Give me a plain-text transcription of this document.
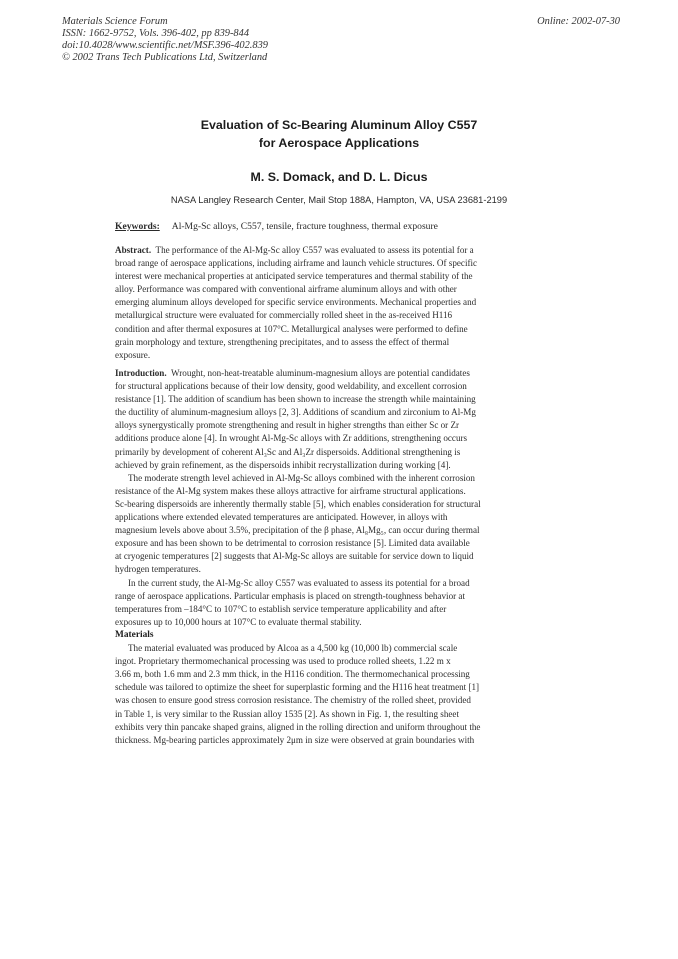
Materials Science Forum
ISSN: 1662-9752, Vols. 396-402, pp 839-844
doi:10.4028/www.scientific.net/MSF.396-402.839
© 2002 Trans Tech Publications Ltd, Switzerland
Online: 2002-07-30
Evaluation of Sc-Bearing Aluminum Alloy C557
for Aerospace Applications
M. S. Domack, and D. L. Dicus
NASA Langley Research Center, Mail Stop 188A, Hampton, VA, USA 23681-2199
Keywords: Al-Mg-Sc alloys, C557, tensile, fracture toughness, thermal exposure
Abstract. The performance of the Al-Mg-Sc alloy C557 was evaluated to assess its potential for a
broad range of aerospace applications, including airframe and launch vehicle structures. Of specific
interest were mechanical properties at anticipated service temperatures and thermal stability of the
alloy. Performance was compared with conventional airframe aluminum alloys and with other
emerging aluminum alloys developed for specific service environments. Mechanical properties and
metallurgical structure were evaluated for commercially rolled sheet in the as-received H116
condition and after thermal exposures at 107°C. Metallurgical analyses were performed to define
grain morphology and texture, strengthening precipitates, and to assess the effect of thermal
exposure.
Introduction. Wrought, non-heat-treatable aluminum-magnesium alloys are potential candidates
for structural applications because of their low density, good weldability, and excellent corrosion
resistance [1]. The addition of scandium has been shown to increase the strength while maintaining
the ductility of aluminum-magnesium alloys [2, 3]. Additions of scandium and zirconium to Al-Mg
alloys synergystically promote strengthening and result in higher strengths than either Sc or Zr
additions produce alone [4]. In wrought Al-Mg-Sc alloys with Zr additions, strengthening occurs
primarily by development of coherent Al₃Sc and Al₃Zr dispersoids. Additional strengthening is
achieved by grain refinement, as the dispersoids inhibit recrystallization during working [4].
The moderate strength level achieved in Al-Mg-Sc alloys combined with the inherent corrosion
resistance of the Al-Mg system makes these alloys attractive for airframe structural applications.
Sc-bearing dispersoids are inherently thermally stable [5], which enables consideration for structural
applications where extended elevated temperatures are anticipated. However, in alloys with
magnesium levels above about 3.5%, precipitation of the β phase, Al₈Mg₅, can occur during thermal
exposure and has been shown to be detrimental to corrosion resistance [5]. Limited data available
at cryogenic temperatures [2] suggests that Al-Mg-Sc alloys are suitable for service down to liquid
hydrogen temperatures.
In the current study, the Al-Mg-Sc alloy C557 was evaluated to assess its potential for a broad
range of aerospace applications. Particular emphasis is placed on strength-toughness behavior at
temperatures from –184°C to 107°C to establish service temperature applicability and after
exposures up to 10,000 hours at 107°C to evaluate thermal stability.
Materials
The material evaluated was produced by Alcoa as a 4,500 kg (10,000 lb) commercial scale
ingot. Proprietary thermomechanical processing was used to produce rolled sheets, 1.22 m x
3.66 m, both 1.6 mm and 2.3 mm thick, in the H116 condition. The thermomechanical processing
schedule was tailored to optimize the sheet for superplastic forming and the H116 heat treatment [1]
was chosen to ensure good stress corrosion resistance. The chemistry of the rolled sheet, provided
in Table 1, is very similar to the Russian alloy 1535 [2]. As shown in Fig. 1, the resulting sheet
exhibits very thin pancake shaped grains, aligned in the rolling direction and uniform throughout the
thickness. Mg-bearing particles approximately 2μm in size were observed at grain boundaries with
